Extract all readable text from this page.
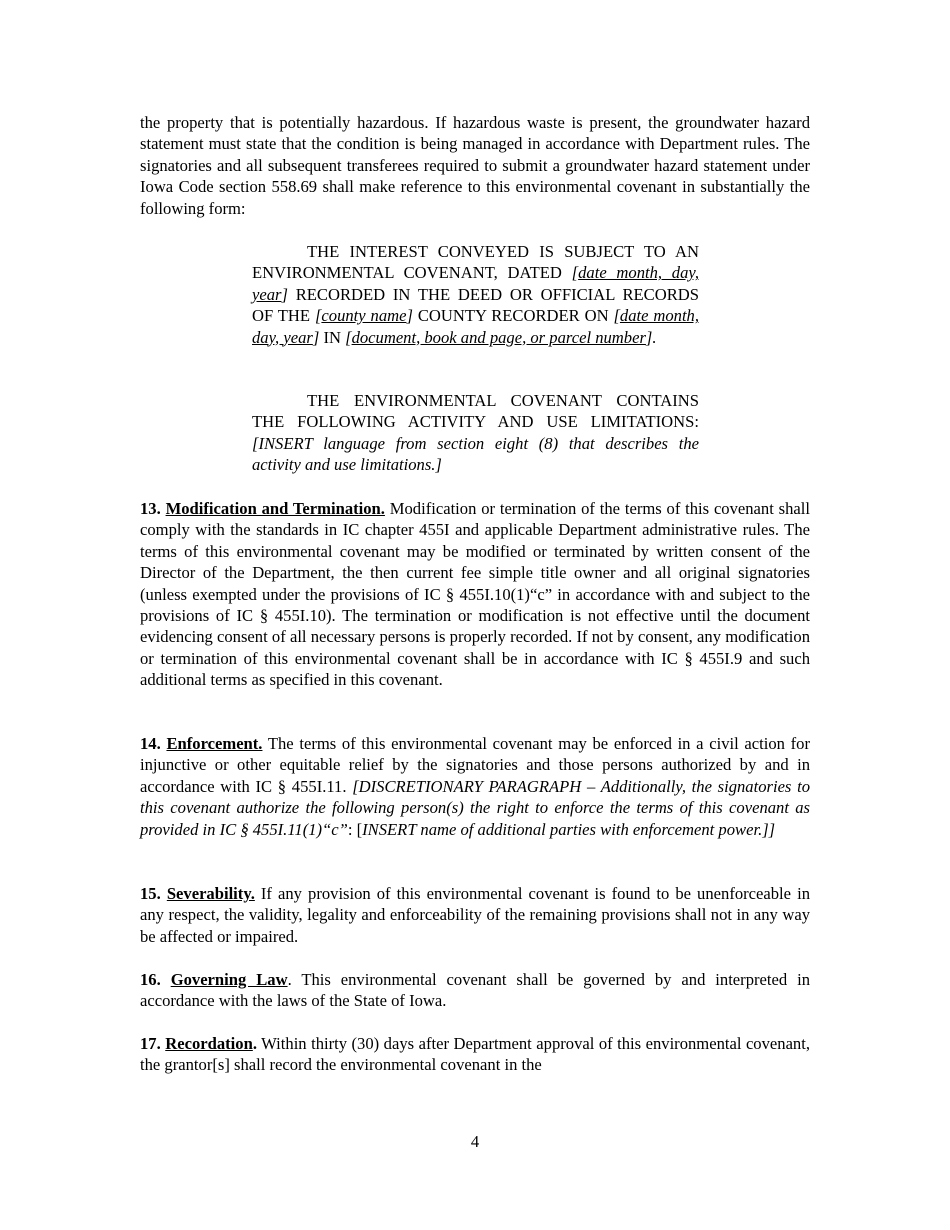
the property that is potentially hazardous. If hazardous waste is present, the groundwater hazard statement must state that the condition is being managed in accordance with Department rules. The signatories and all subsequent transferees required to submit a groundwater hazard statement under Iowa Code section 558.69 shall make reference to this environmental covenant in substantially the following form:

THE INTEREST CONVEYED IS SUBJECT TO AN ENVIRONMENTAL COVENANT, DATED [date month, day, year] RECORDED IN THE DEED OR OFFICIAL RECORDS OF THE [county name] COUNTY RECORDER ON [date month, day, year] IN [document, book and page, or parcel number].

THE ENVIRONMENTAL COVENANT CONTAINS THE FOLLOWING ACTIVITY AND USE LIMITATIONS: [INSERT language from section eight (8) that describes the activity and use limitations.]

13. Modification and Termination. Modification or termination of the terms of this covenant shall comply with the standards in IC chapter 455I and applicable Department administrative rules. The terms of this environmental covenant may be modified or terminated by written consent of the Director of the Department, the then current fee simple title owner and all original signatories (unless exempted under the provisions of IC § 455I.10(1)“c” in accordance with and subject to the provisions of IC § 455I.10). The termination or modification is not effective until the document evidencing consent of all necessary persons is properly recorded. If not by consent, any modification or termination of this environmental covenant shall be in accordance with IC § 455I.9 and such additional terms as specified in this covenant.

14. Enforcement. The terms of this environmental covenant may be enforced in a civil action for injunctive or other equitable relief by the signatories and those persons authorized by and in accordance with IC § 455I.11. [DISCRETIONARY PARAGRAPH – Additionally, the signatories to this covenant authorize the following person(s) the right to enforce the terms of this covenant as provided in IC § 455I.11(1)“c”: [INSERT name of additional parties with enforcement power.]]

15. Severability. If any provision of this environmental covenant is found to be unenforceable in any respect, the validity, legality and enforceability of the remaining provisions shall not in any way be affected or impaired.

16. Governing Law. This environmental covenant shall be governed by and interpreted in accordance with the laws of the State of Iowa.

17. Recordation. Within thirty (30) days after Department approval of this environmental covenant, the grantor[s] shall record the environmental covenant in the

4
